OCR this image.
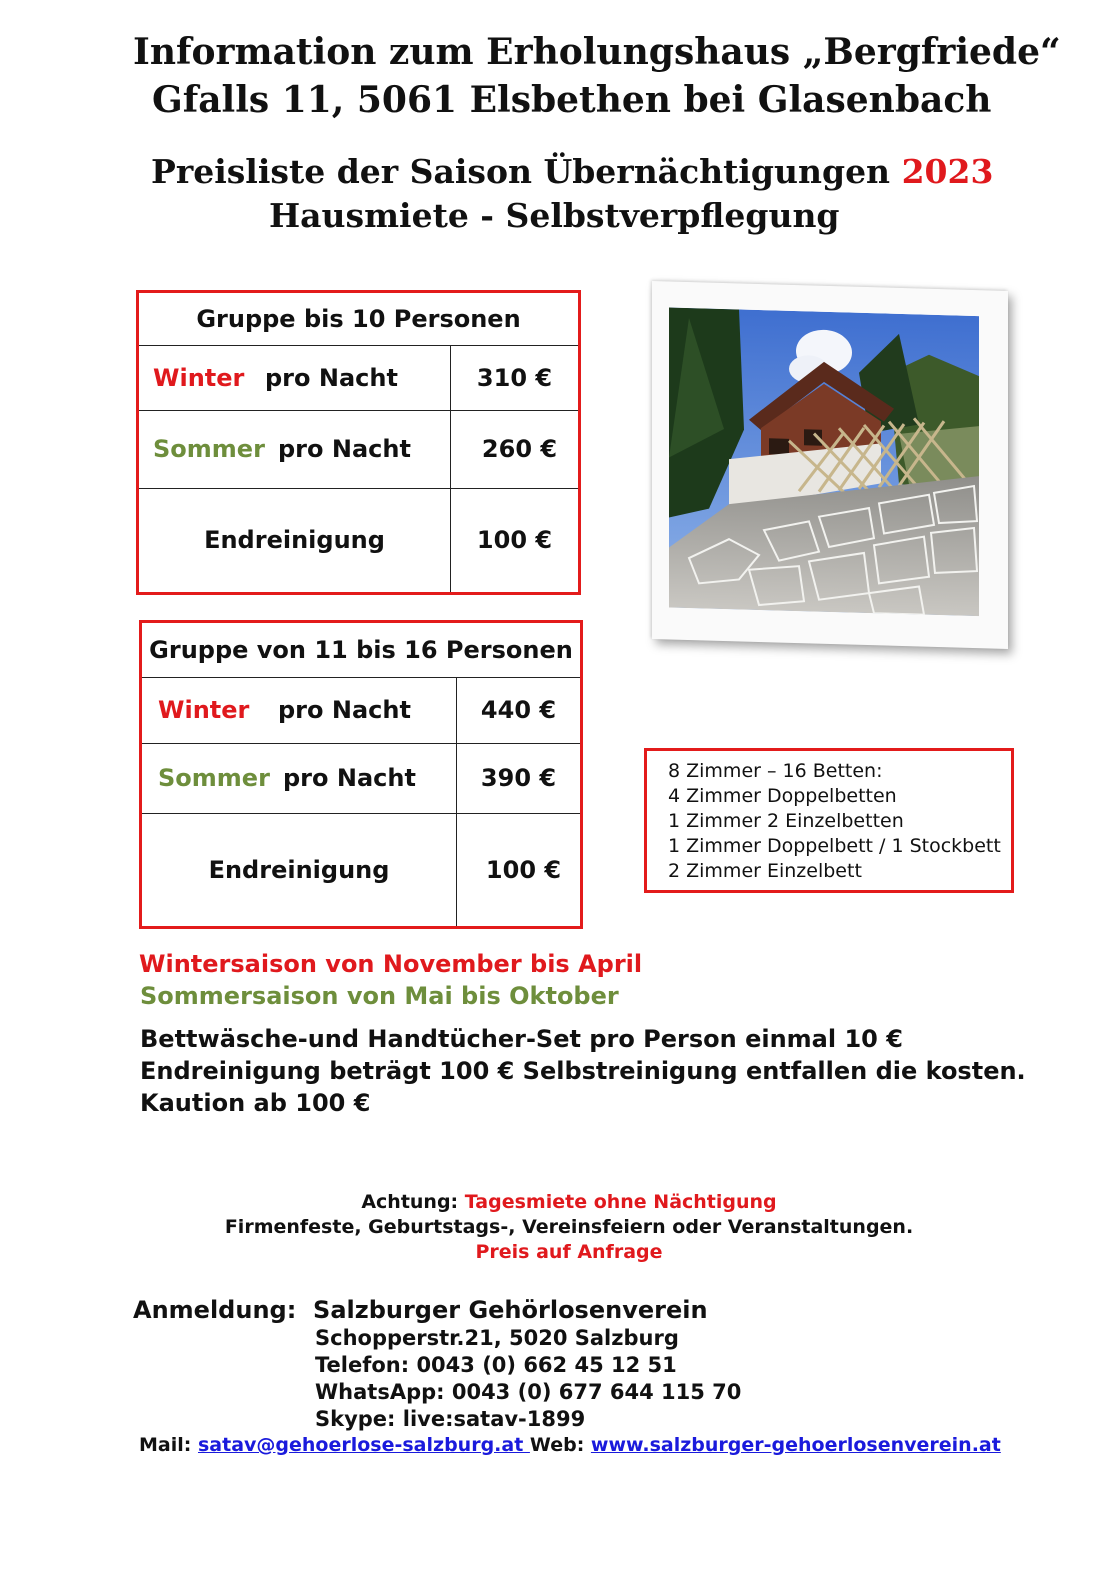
Information zum Erholungshaus „Bergfriede“
Gfalls 11, 5061 Elsbethen bei Glasenbach
Preisliste der Saison Übernächtigungen 2023
Hausmiete - Selbstverpflegung
Gruppe bis 10 Personen	
Winter pro Nacht	310 €
Sommer pro Nacht	260 €
Endreinigung	100 €
Gruppe von 11 bis 16 Personen	
Winter pro Nacht	440 €
Sommer pro Nacht	390 €
Endreinigung	100 €
8 Zimmer – 16 Betten:
4 Zimmer Doppelbetten
1 Zimmer 2 Einzelbetten
1 Zimmer Doppelbett / 1 Stockbett
2 Zimmer Einzelbett
Wintersaison von November bis April
Sommersaison von Mai bis Oktober
Bettwäsche-und Handtücher-Set pro Person einmal 10 €
Endreinigung beträgt 100 € Selbstreinigung entfallen die kosten.
Kaution ab 100 €
Achtung: Tagesmiete ohne Nächtigung
Firmenfeste, Geburtstags-, Vereinsfeiern oder Veranstaltungen.
Preis auf Anfrage
Anmeldung: Salzburger Gehörlosenverein
Schopperstr.21, 5020 Salzburg
Telefon: 0043 (0) 662 45 12 51
WhatsApp: 0043 (0) 677 644 115 70
Skype: live:satav-1899
Mail: satav@gehoerlose-salzburg.at Web: www.salzburger-gehoerlosenverein.at
